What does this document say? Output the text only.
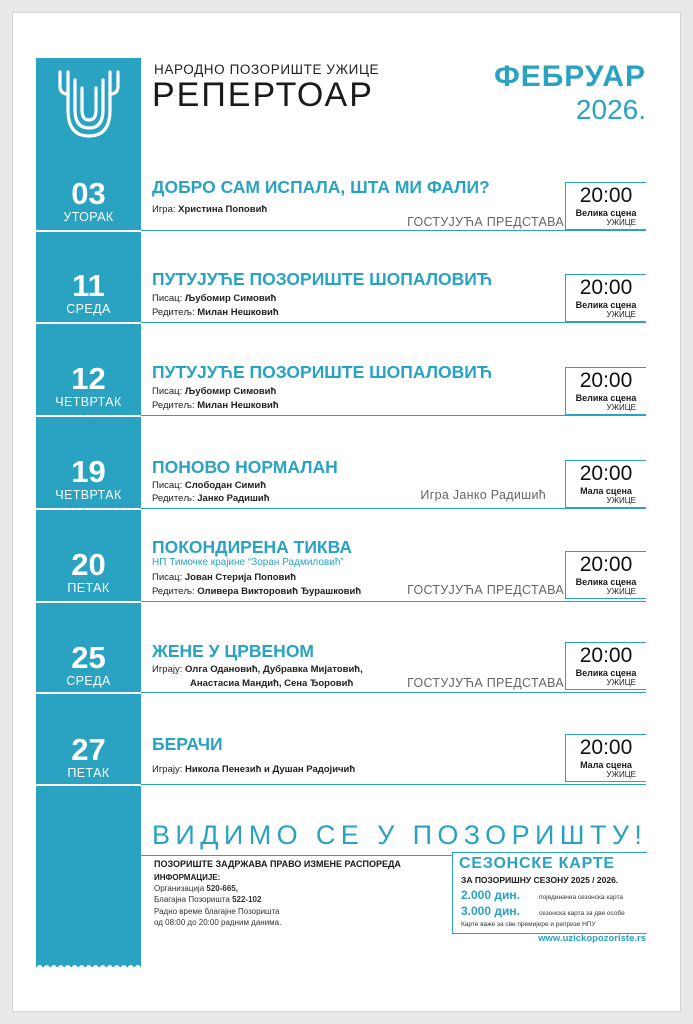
НАРОДНО ПОЗОРИШТЕ УЖИЦЕ
РЕПЕРТОАР	ФЕБРУАР
2026.
03
УТОРАК
ДОБРО САМ ИСПАЛА, ШТА МИ ФАЛИ?
Игра: Христина Поповић
ГОСТУЈУЋА ПРЕДСТАВА
20:00
Велика сцена
УЖИЦЕ
11
СРЕДА
ПУТУЈУЋЕ ПОЗОРИШТЕ ШОПАЛОВИЋ
Писац: Љубомир Симовић
Редитељ: Милан Нешковић
20:00
Велика сцена
УЖИЦЕ
12
ЧЕТВРТАК
ПУТУЈУЋЕ ПОЗОРИШТЕ ШОПАЛОВИЋ
Писац: Љубомир Симовић
Редитељ: Милан Нешковић
20:00
Велика сцена
УЖИЦЕ
19
ЧЕТВРТАК
ПОНОВО НОРМАЛАН
Писац: Слободан Симић
Редитељ: Јанко Радишић	Игра Јанко Радишић
20:00
Мала сцена
УЖИЦЕ
20
ПЕТАК
ПОКОНДИРЕНА ТИКВА
НП Тимочке крајине “Зоран Радмиловић”
Писац: Јован Стерија Поповић
Редитељ: Оливера Викторовић Ђурашковић	ГОСТУЈУЋА ПРЕДСТАВА
20:00
Велика сцена
УЖИЦЕ
25
СРЕДА
ЖЕНЕ У ЦРВЕНОМ
Играју: Олга Одановић, Дубравка Мијатовић,
Анастасиа Мандић, Сена Ђоровић	ГОСТУЈУЋА ПРЕДСТАВА
20:00
Велика сцена
УЖИЦЕ
27
ПЕТАК
БЕРАЧИ
Играју: Никола Пенезић и Душан Радојичић
20:00
Мала сцена
УЖИЦЕ
ВИДИМО СЕ У ПОЗОРИШТУ!
ПОЗОРИШТЕ ЗАДРЖАВА ПРАВО ИЗМЕНЕ РАСПОРЕДА
ИНФОРМАЦИЈЕ:
Организација 520-665,
Благајна Позоришта 522-102
Радно време благајне Позоришта
од 08:00 до 20:00 радним данима.
СЕЗОНСКЕ КАРТЕ
ЗА ПОЗОРИШНУ СЕЗОНУ 2025 / 2026.
2.000 дин.	појединачна сезонска карта
3.000 дин.	сезонска карта за две особе
Карте важе за све премијере и репризе НПУ
www.uzickopozoriste.rs
